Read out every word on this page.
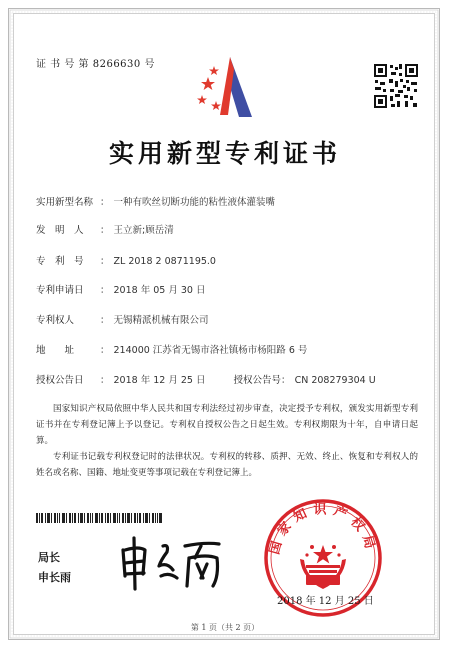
证 书 号 第 8266630 号
实用新型专利证书
实用新型名称 ： 一种有吹丝切断功能的粘性液体灌装嘴
发　明　人 ： 王立新;顾岳清
专　利　号 ： ZL 2018 2 0871195.0
专利申请日 ： 2018 年 05 月 30 日
专利权人	： 无锡精派机械有限公司
地　　址	： 214000 江苏省无锡市洛社镇杨市杨阳路 6 号
授权公告日 ： 2018 年 12 月 25 日	授权公告号： CN 208279304 U
国家知识产权局依照中华人民共和国专利法经过初步审查，决定授予专利权，颁发实用新型专利证书并在专利登记簿上予以登记。专利权自授权公告之日起生效。专利权期限为十年，自申请日起算。
专利证书记载专利权登记时的法律状况。专利权的转移、质押、无效、终止、恢复和专利权人的姓名或名称、国籍、地址变更等事项记载在专利登记簿上。
局长
申长雨
国家知识产权局
2018 年 12 月 25 日
第 1 页（共 2 页）
